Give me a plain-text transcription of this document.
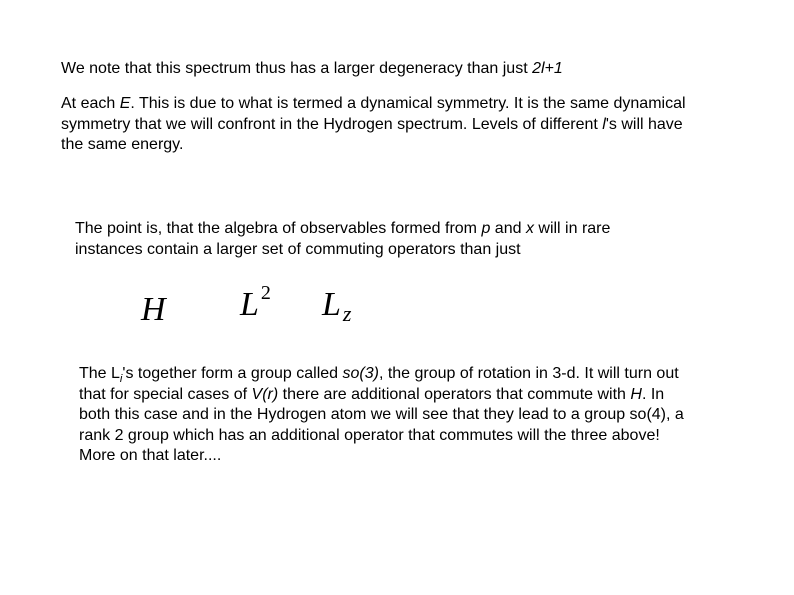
We note that this spectrum thus has a larger degeneracy than just 2l+1
At each E. This is due to what is termed a dynamical symmetry. It is the same dynamical symmetry that we will confront in the Hydrogen spectrum. Levels of different l's will have the same energy.
The point is, that the algebra of observables formed from p and x will in rare instances contain a larger set of commuting operators than just
H L $^2$ Lz
The $L_i's$ together form a group called so(3), the group of rotation in 3-d. It will turn out that for special cases of V(r) there are additional operators that commute with H. In both this case and in the Hydrogen atom we will see that they lead to a group so(4), a rank 2 group which has an additional operator that commutes will the three above! More on that later....
